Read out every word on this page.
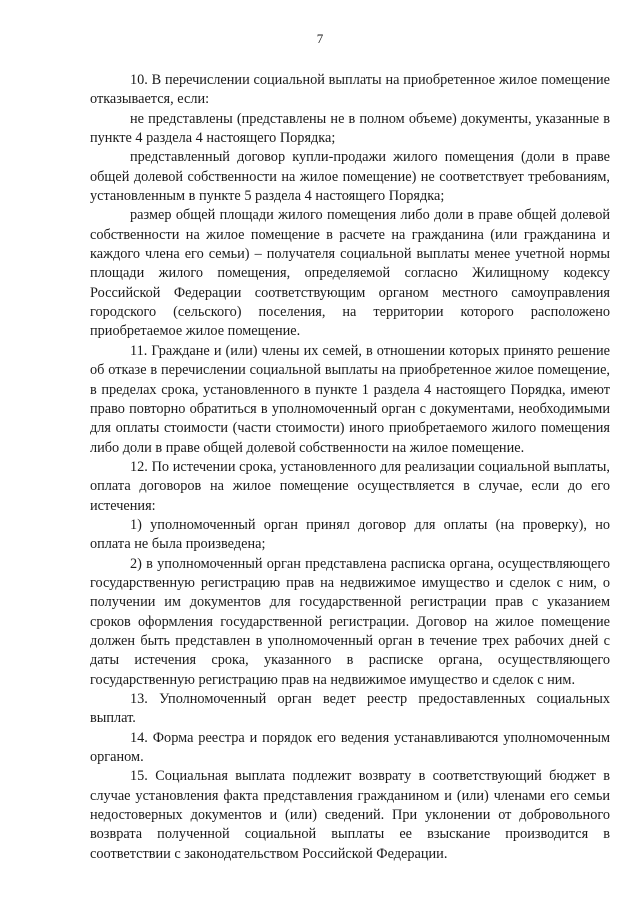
7

10. В перечислении социальной выплаты на приобретенное жилое помещение отказывается, если:

не представлены (представлены не в полном объеме) документы, указанные в пункте 4 раздела 4 настоящего Порядка;

представленный договор купли-продажи жилого помещения (доли в праве общей долевой собственности на жилое помещение) не соответствует требованиям, установленным в пункте 5 раздела 4 настоящего Порядка;

размер общей площади жилого помещения либо доли в праве общей долевой собственности на жилое помещение в расчете на гражданина (или гражданина и каждого члена его семьи) – получателя социальной выплаты менее учетной нормы площади жилого помещения, определяемой согласно Жилищному кодексу Российской Федерации соответствующим органом местного самоуправления городского (сельского) поселения, на территории которого расположено приобретаемое жилое помещение.

11. Граждане и (или) члены их семей, в отношении которых принято решение об отказе в перечислении социальной выплаты на приобретенное жилое помещение, в пределах срока, установленного в пункте 1 раздела 4 настоящего Порядка, имеют право повторно обратиться в уполномоченный орган с документами, необходимыми для оплаты стоимости (части стоимости) иного приобретаемого жилого помещения либо доли в праве общей долевой собственности на жилое помещение.

12. По истечении срока, установленного для реализации социальной выплаты, оплата договоров на жилое помещение осуществляется в случае, если до его истечения:

1) уполномоченный орган принял договор для оплаты (на проверку), но оплата не была произведена;

2) в уполномоченный орган представлена расписка органа, осуществляющего государственную регистрацию прав на недвижимое имущество и сделок с ним, о получении им документов для государственной регистрации прав с указанием сроков оформления государственной регистрации. Договор на жилое помещение должен быть представлен в уполномоченный орган в течение трех рабочих дней с даты истечения срока, указанного в расписке органа, осуществляющего государственную регистрацию прав на недвижимое имущество и сделок с ним.

13. Уполномоченный орган ведет реестр предоставленных социальных выплат.

14. Форма реестра и порядок его ведения устанавливаются уполномоченным органом.

15. Социальная выплата подлежит возврату в соответствующий бюджет в случае установления факта представления гражданином и (или) членами его семьи недостоверных документов и (или) сведений. При уклонении от добровольного возврата полученной социальной выплаты ее взыскание производится в соответствии с законодательством Российской Федерации.
